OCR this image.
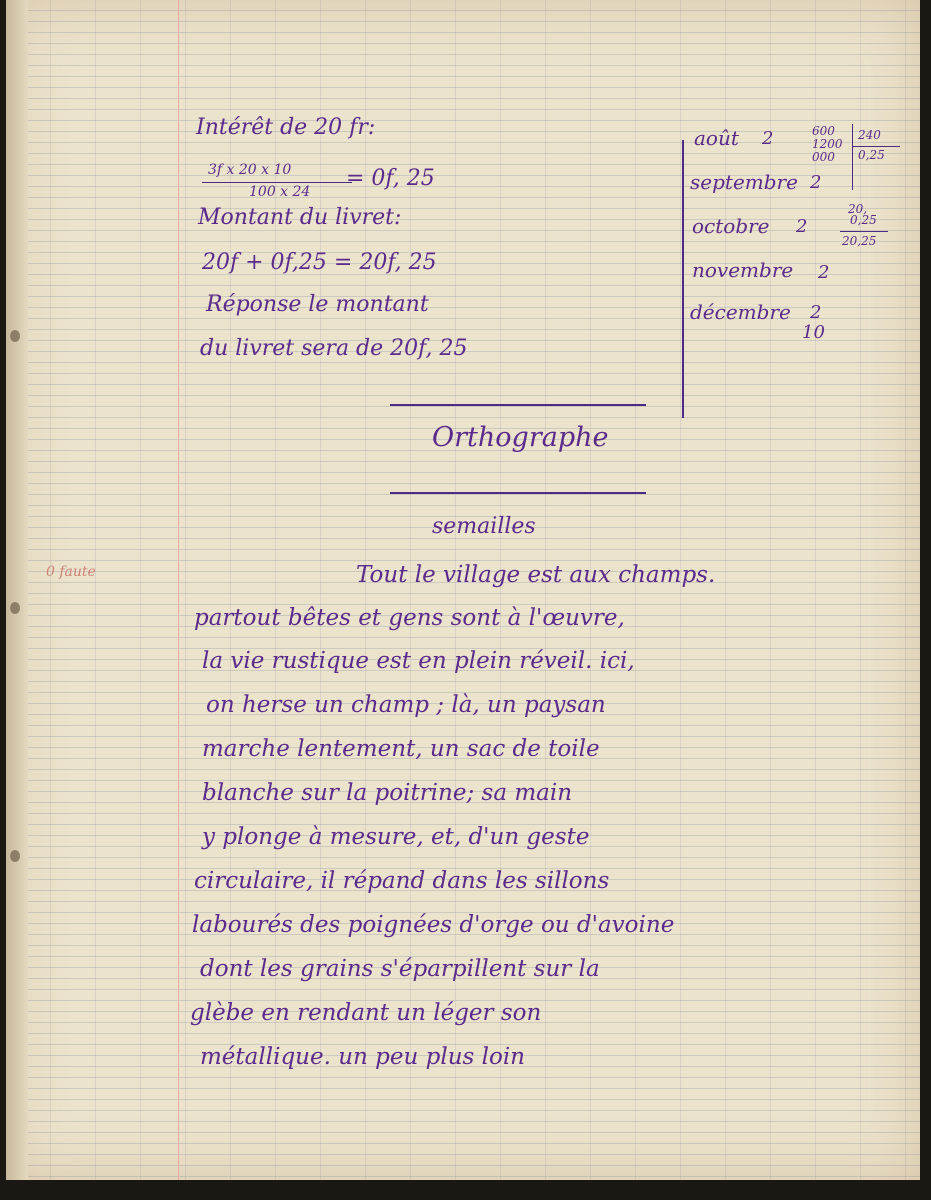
Intérêt de 20 fr:

3f x 20 x 10

100 x 24

= 0f, 25

Montant du livret:

20f + 0f,25 = 20f, 25

Réponse le montant

du livret sera de 20f, 25

août 2

septembre 2

octobre 2

novembre 2

décembre 2

10

600

1200

000

240

0,25

20,

0,25

20,25

Orthographe

semailles

0 faute	Tout le village est aux champs.

partout bêtes et gens sont à l'œuvre,

la vie rustique est en plein réveil. ici,

on herse un champ ; là, un paysan

marche lentement, un sac de toile

blanche sur la poitrine; sa main

y plonge à mesure, et, d'un geste

circulaire, il répand dans les sillons

labourés des poignées d'orge ou d'avoine

dont les grains s'éparpillent sur la

glèbe en rendant un léger son

métallique. un peu plus loin
